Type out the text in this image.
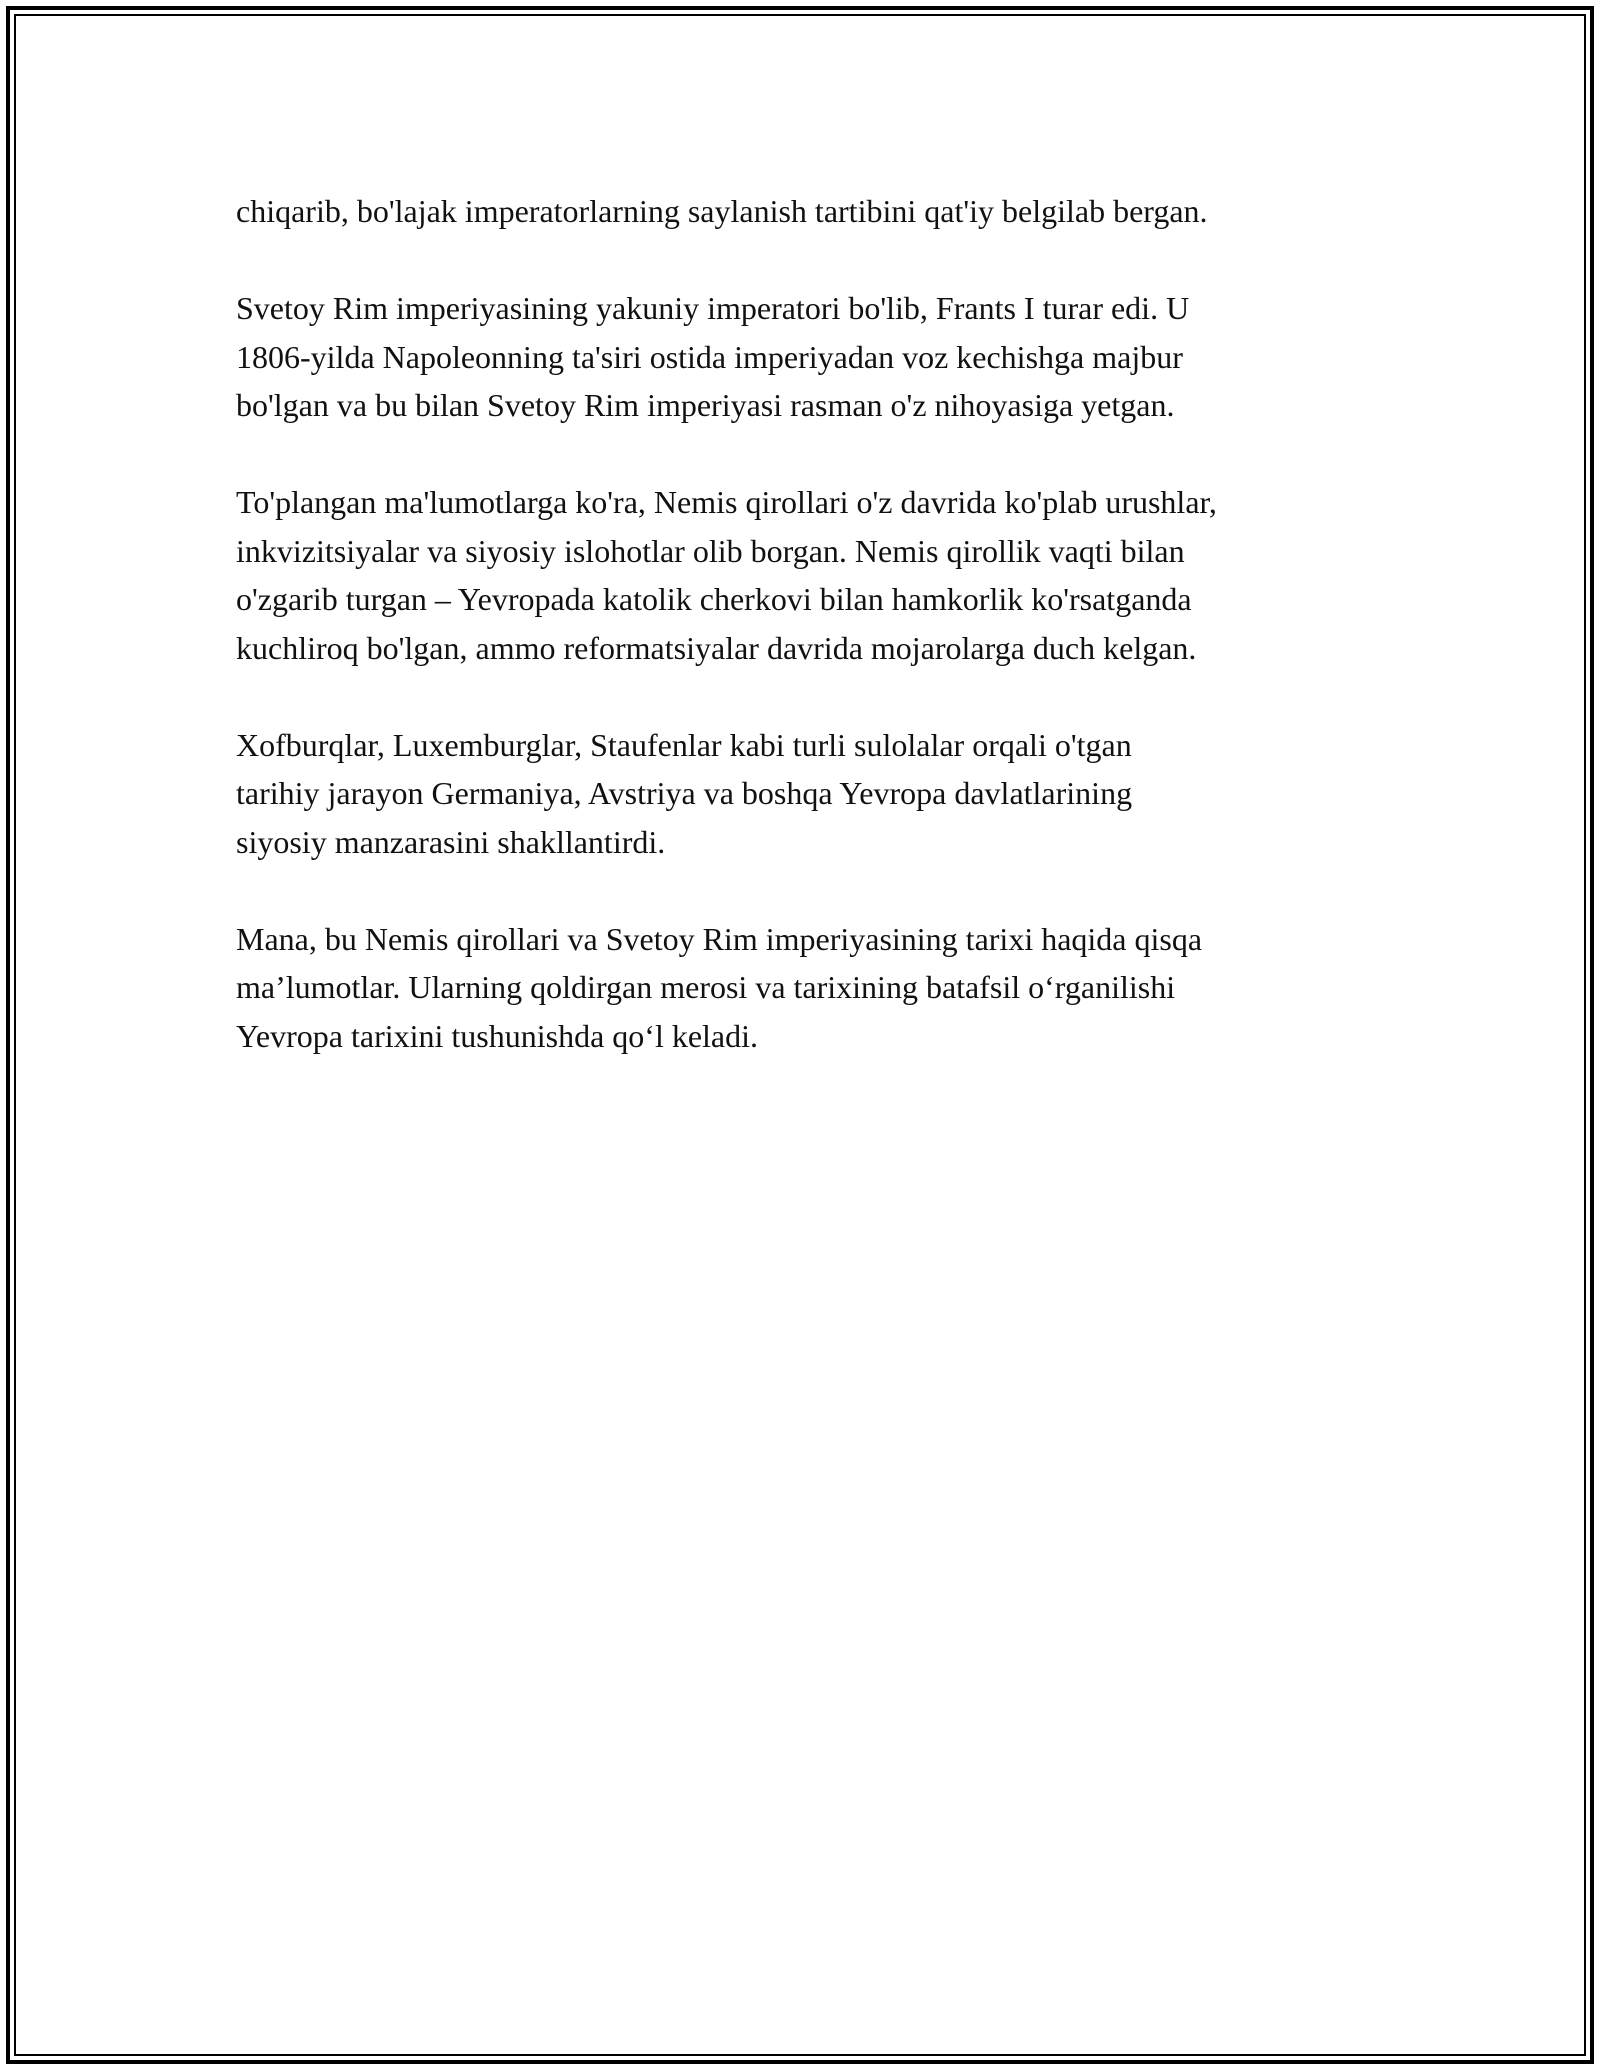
chiqarib, bo'lajak imperatorlarning saylanish tartibini qat'iy belgilab bergan.

Svetoy Rim imperiyasining yakuniy imperatori bo'lib, Frants I turar edi. U
1806-yilda Napoleonning ta'siri ostida imperiyadan voz kechishga majbur
bo'lgan va bu bilan Svetoy Rim imperiyasi rasman o'z nihoyasiga yetgan.

To'plangan ma'lumotlarga ko'ra, Nemis qirollari o'z davrida ko'plab urushlar,
inkvizitsiyalar va siyosiy islohotlar olib borgan. Nemis qirollik vaqti bilan
o'zgarib turgan – Yevropada katolik cherkovi bilan hamkorlik ko'rsatganda
kuchliroq bo'lgan, ammo reformatsiyalar davrida mojarolarga duch kelgan.

Xofburqlar, Luxemburglar, Staufenlar kabi turli sulolalar orqali o'tgan
tarihiy jarayon Germaniya, Avstriya va boshqa Yevropa davlatlarining
siyosiy manzarasini shakllantirdi.

Mana, bu Nemis qirollari va Svetoy Rim imperiyasining tarixi haqida qisqa
ma’lumotlar. Ularning qoldirgan merosi va tarixining batafsil o‘rganilishi
Yevropa tarixini tushunishda qo‘l keladi.
